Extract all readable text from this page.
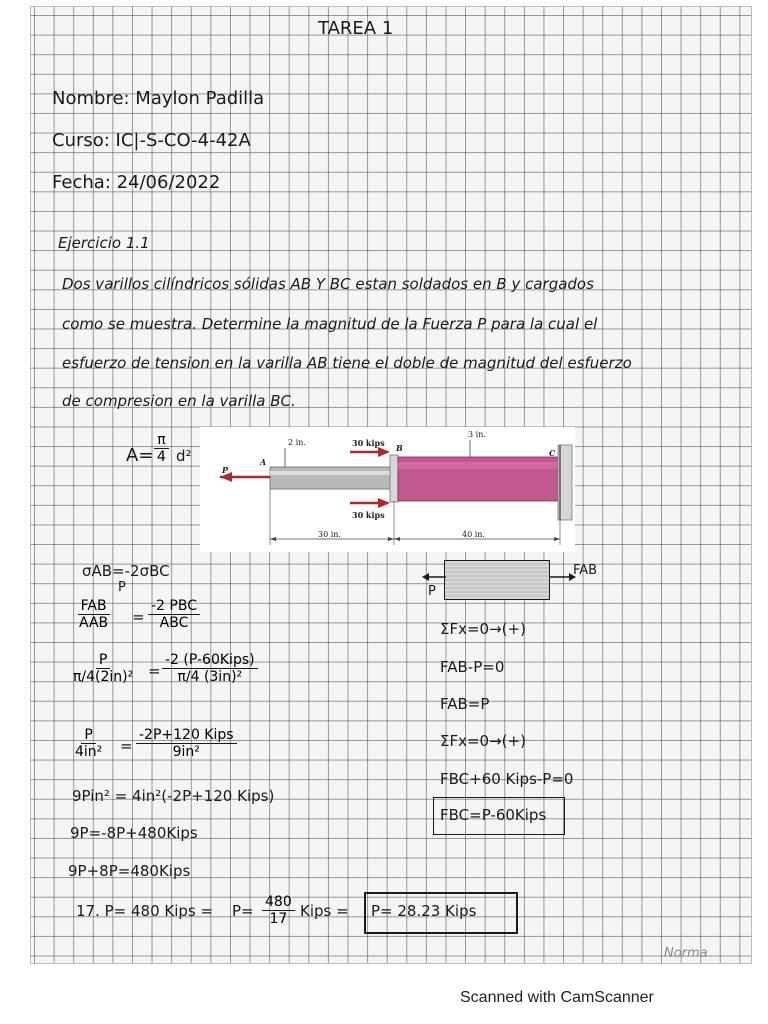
TAREA 1
Nombre: Maylon Padilla
Curso: IC|-S-CO-4-42A
Fecha: 24/06/2022
Ejercicio 1.1
Dos varillos cilíndricos sólidas AB Y BC estan soldados en B y cargados
como se muestra. Determine la magnitud de la Fuerza P para la cual el
esfuerzo de tension en la varilla AB tiene el doble de magnitud del esfuerzo
de compresion en la varilla BC.
$A= \frac{\pi}{4} d^2$
2 in.
3 in.
30 kips
30 kips
A
B	C
P
30 in.	40 in.
P
FAB
σAB=-2σBC
P
FAB
AAB =
-2 PBC
ABC
$\frac{P}{\text{π/4(2in)²}}$ =
-2 (P-60Kips)
π/4 (3in)²
$\frac{P}{\text{4in²}}$ =
-2P+120 Kips
9in²
9Pin² = 4in²(-2P+120 Kips)
9P=-8P+480Kips
9P+8P=480Kips
17. P= 480 Kips = $P= \frac{480}{17}$ Kips = P= 28.23 Kips
ΣFx=0→(+)
FAB-P=0
FAB=P
ΣFx=0→(+)
FBC+60 Kips-P=0
FBC=P-60Kips
Norma
Scanned with CamScanner
